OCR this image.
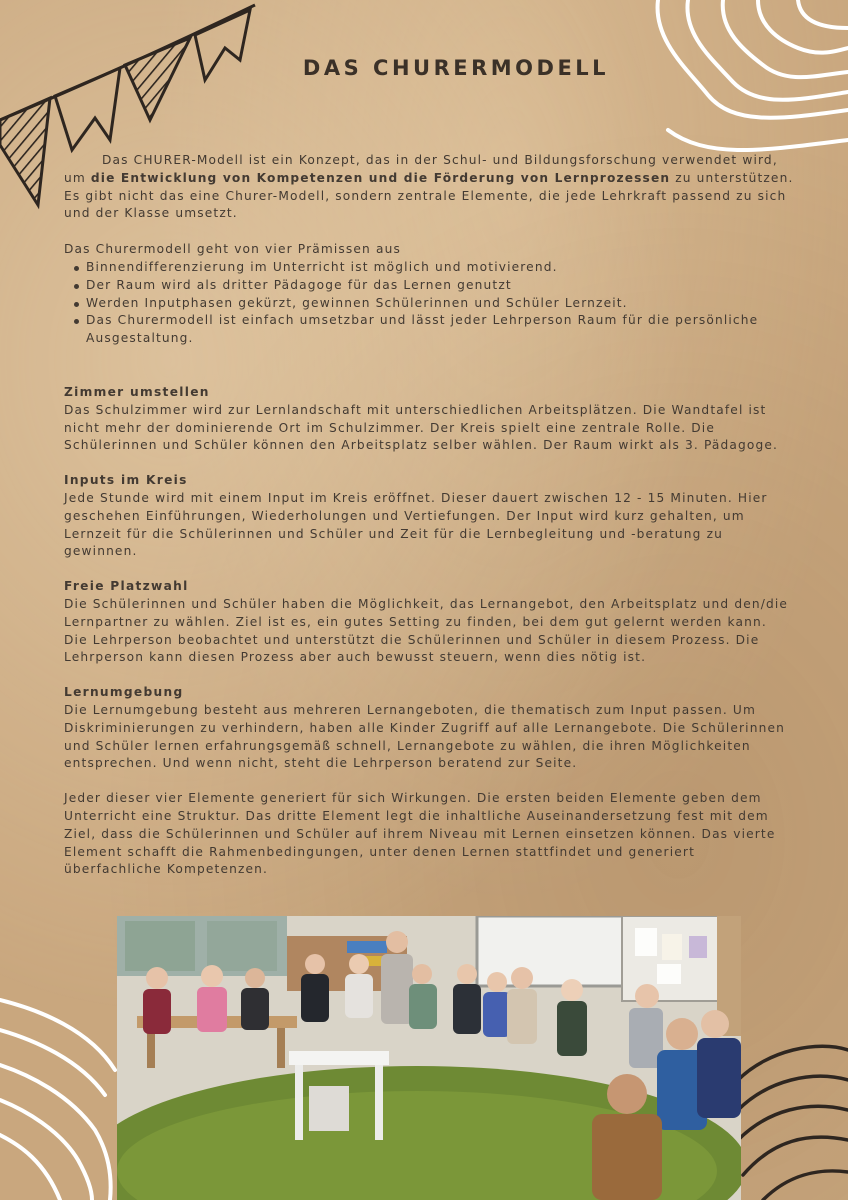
DAS CHURERMODELL

Das CHURER-Modell ist ein Konzept, das in der Schul- und Bildungsforschung verwendet wird, um die Entwicklung von Kompetenzen und die Förderung von Lernprozessen zu unterstützen. Es gibt nicht das eine Churer-Modell, sondern zentrale Elemente, die jede Lehrkraft passend zu sich und der Klasse umsetzt.

Das Churermodell geht von vier Prämissen aus

Binnendifferenzierung im Unterricht ist möglich und motivierend.
Der Raum wird als dritter Pädagoge für das Lernen genutzt
Werden Inputphasen gekürzt, gewinnen Schülerinnen und Schüler Lernzeit.
Das Churermodell ist einfach umsetzbar und lässt jeder Lehrperson Raum für die persönliche Ausgestaltung.

Zimmer umstellen

Das Schulzimmer wird zur Lernlandschaft mit unterschiedlichen Arbeitsplätzen. Die Wandtafel ist nicht mehr der dominierende Ort im Schulzimmer. Der Kreis spielt eine zentrale Rolle. Die Schülerinnen und Schüler können den Arbeitsplatz selber wählen. Der Raum wirkt als 3. Pädagoge.

Inputs im Kreis

Jede Stunde wird mit einem Input im Kreis eröffnet. Dieser dauert zwischen 12 - 15 Minuten. Hier geschehen Einführungen, Wiederholungen und Vertiefungen. Der Input wird kurz gehalten, um Lernzeit für die Schülerinnen und Schüler und Zeit für die Lernbegleitung und -beratung zu gewinnen.

Freie Platzwahl

Die Schülerinnen und Schüler haben die Möglichkeit, das Lernangebot, den Arbeitsplatz und den/die Lernpartner zu wählen. Ziel ist es, ein gutes Setting zu finden, bei dem gut gelernt werden kann. Die Lehrperson beobachtet und unterstützt die Schülerinnen und Schüler in diesem Prozess. Die Lehrperson kann diesen Prozess aber auch bewusst steuern, wenn dies nötig ist.

Lernumgebung

Die Lernumgebung besteht aus mehreren Lernangeboten, die thematisch zum Input passen. Um Diskriminierungen zu verhindern, haben alle Kinder Zugriff auf alle Lernangebote. Die Schülerinnen und Schüler lernen erfahrungsgemäß schnell, Lernangebote zu wählen, die ihren Möglichkeiten entsprechen. Und wenn nicht, steht die Lehrperson beratend zur Seite.

Jeder dieser vier Elemente generiert für sich Wirkungen. Die ersten beiden Elemente geben dem Unterricht eine Struktur. Das dritte Element legt die inhaltliche Auseinandersetzung fest mit dem Ziel, dass die Schülerinnen und Schüler auf ihrem Niveau mit Lernen einsetzen können. Das vierte Element schafft die Rahmenbedingungen, unter denen Lernen stattfindet und generiert überfachliche Kompetenzen.
